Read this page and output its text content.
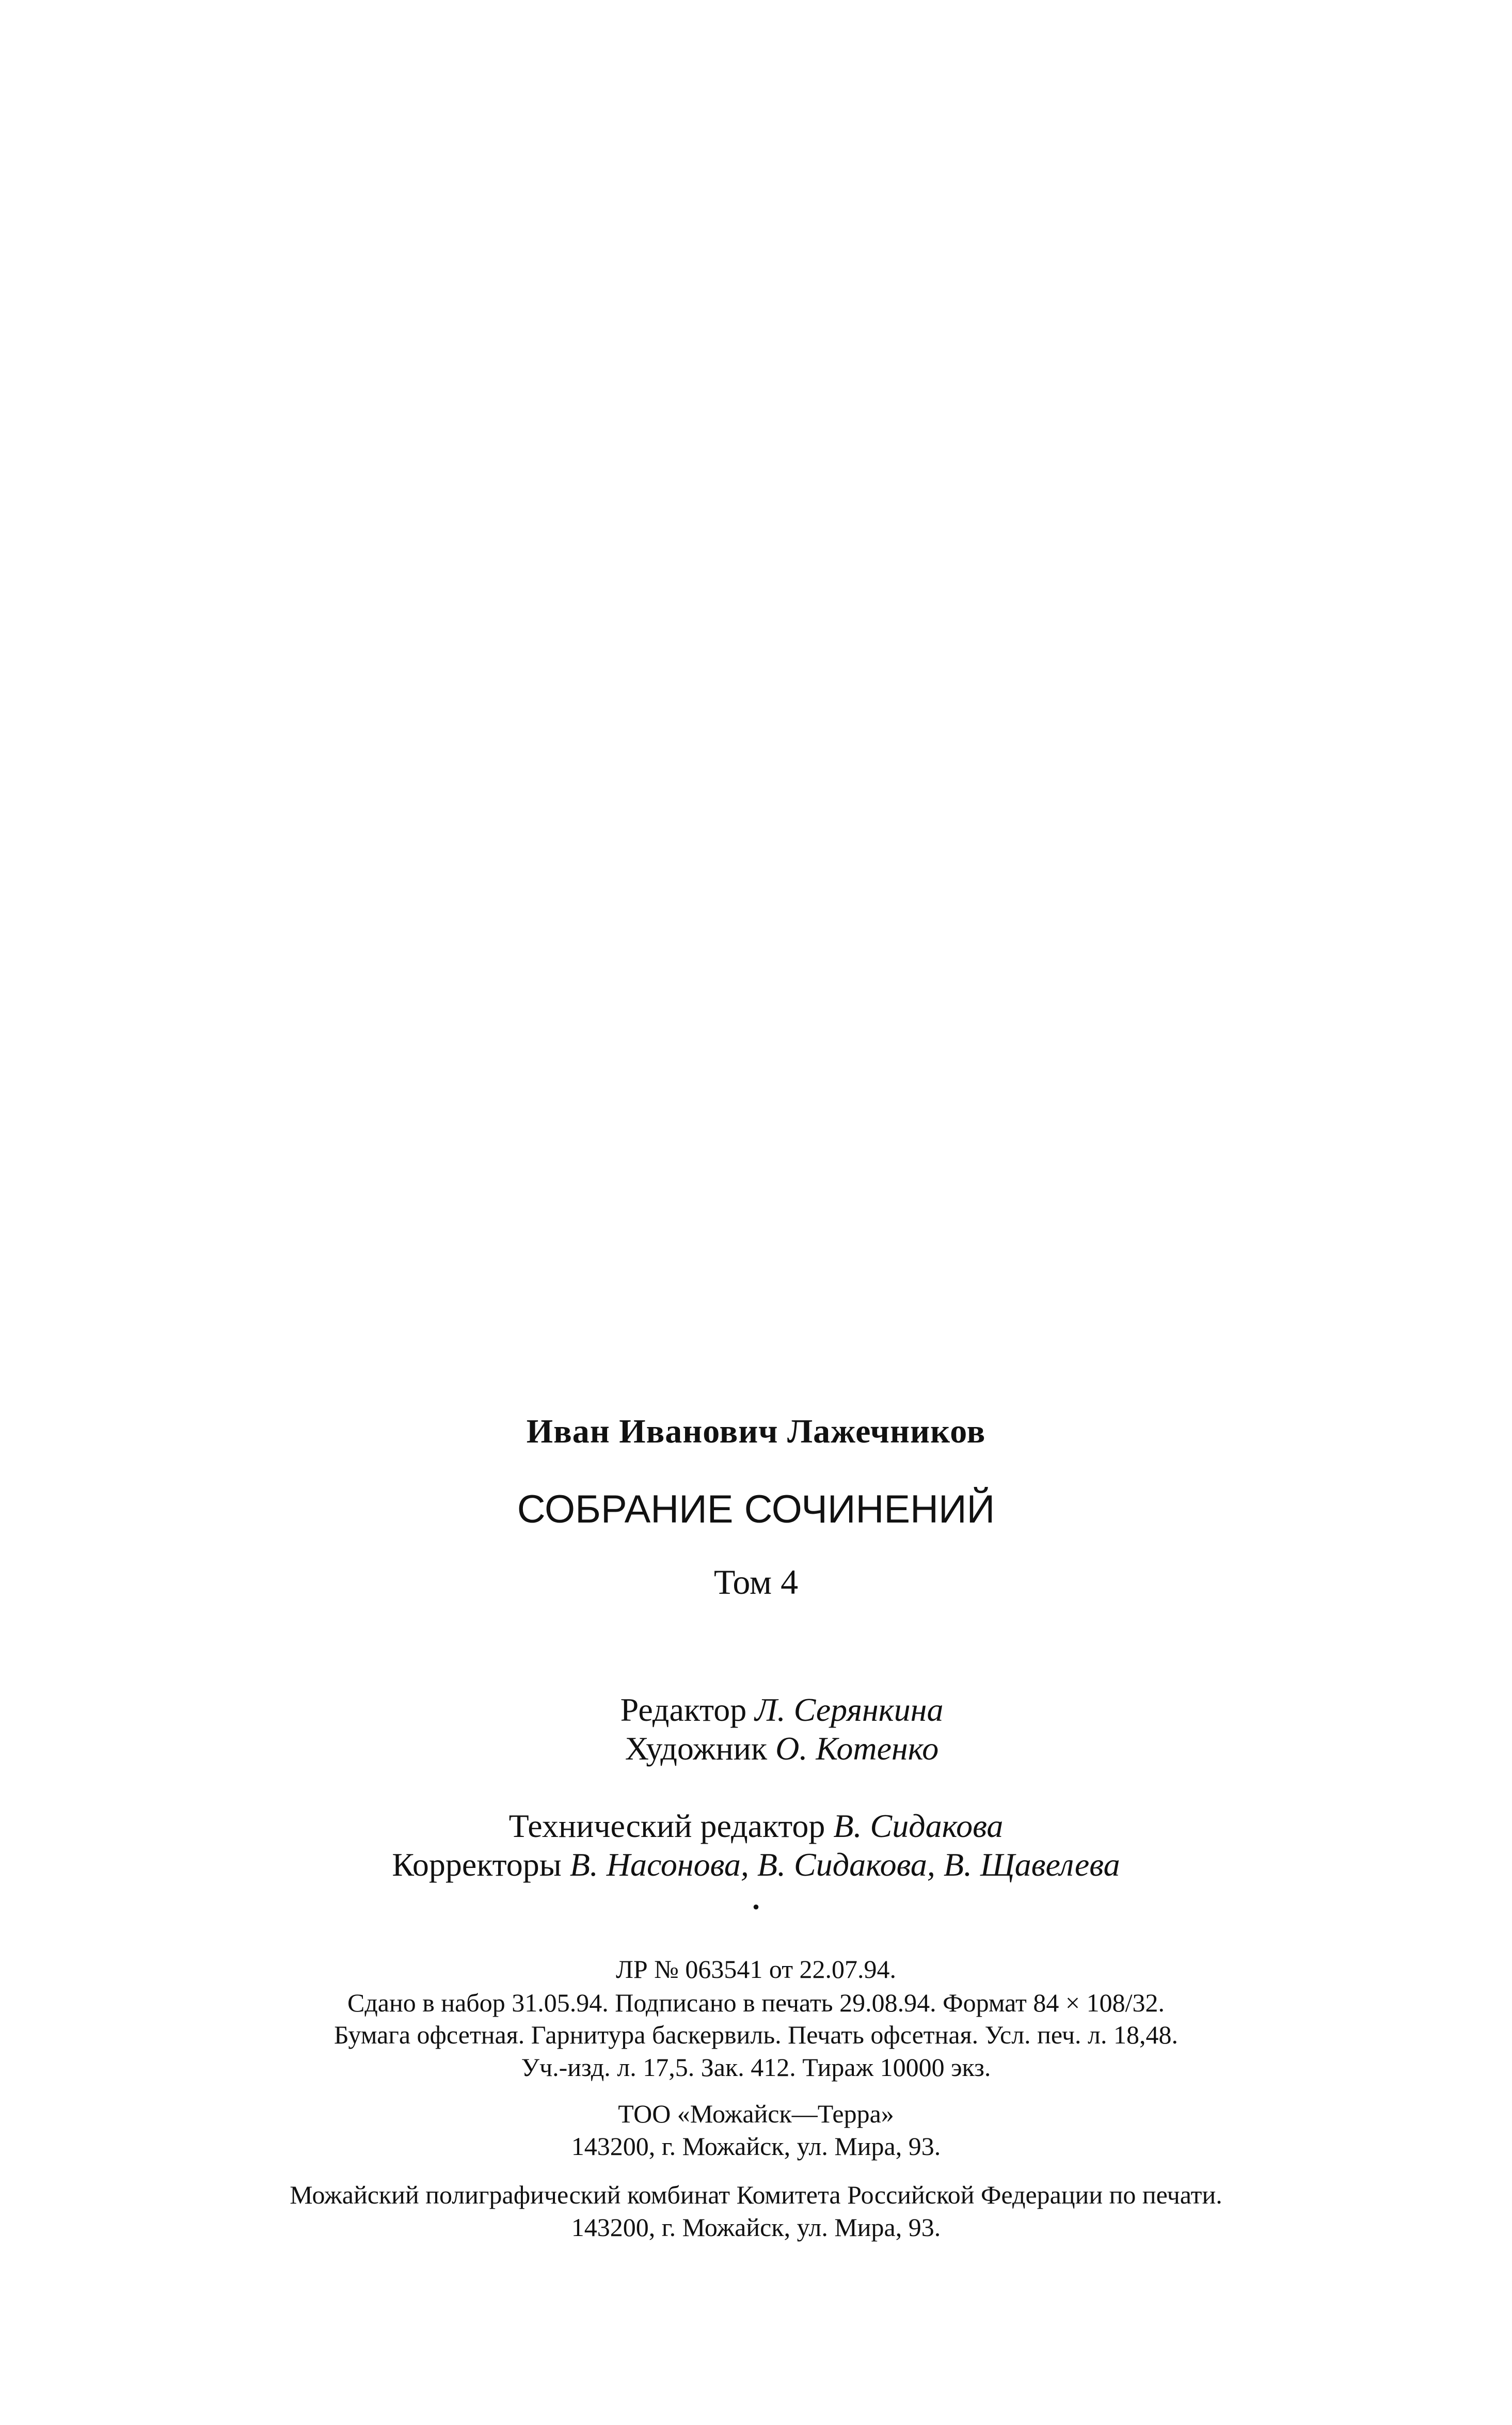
Иван Иванович Лажечников
СОБРАНИЕ СОЧИНЕНИЙ
Том 4
Редактор Л. Серянкина
Художник О. Котенко
Технический редактор В. Сидакова
Корректоры В. Насонова, В. Сидакова, В. Щавелева
•
ЛР № 063541 от 22.07.94.
Сдано в набор 31.05.94. Подписано в печать 29.08.94. Формат 84 × 108/32.
Бумага офсетная. Гарнитура баскервиль. Печать офсетная. Усл. печ. л. 18,48.
Уч.-изд. л. 17,5. Зак. 412. Тираж 10000 экз.
ТОО «Можайск—Терра»
143200, г. Можайск, ул. Мира, 93.
Можайский полиграфический комбинат Комитета Российской Федерации по печати.
143200, г. Можайск, ул. Мира, 93.
